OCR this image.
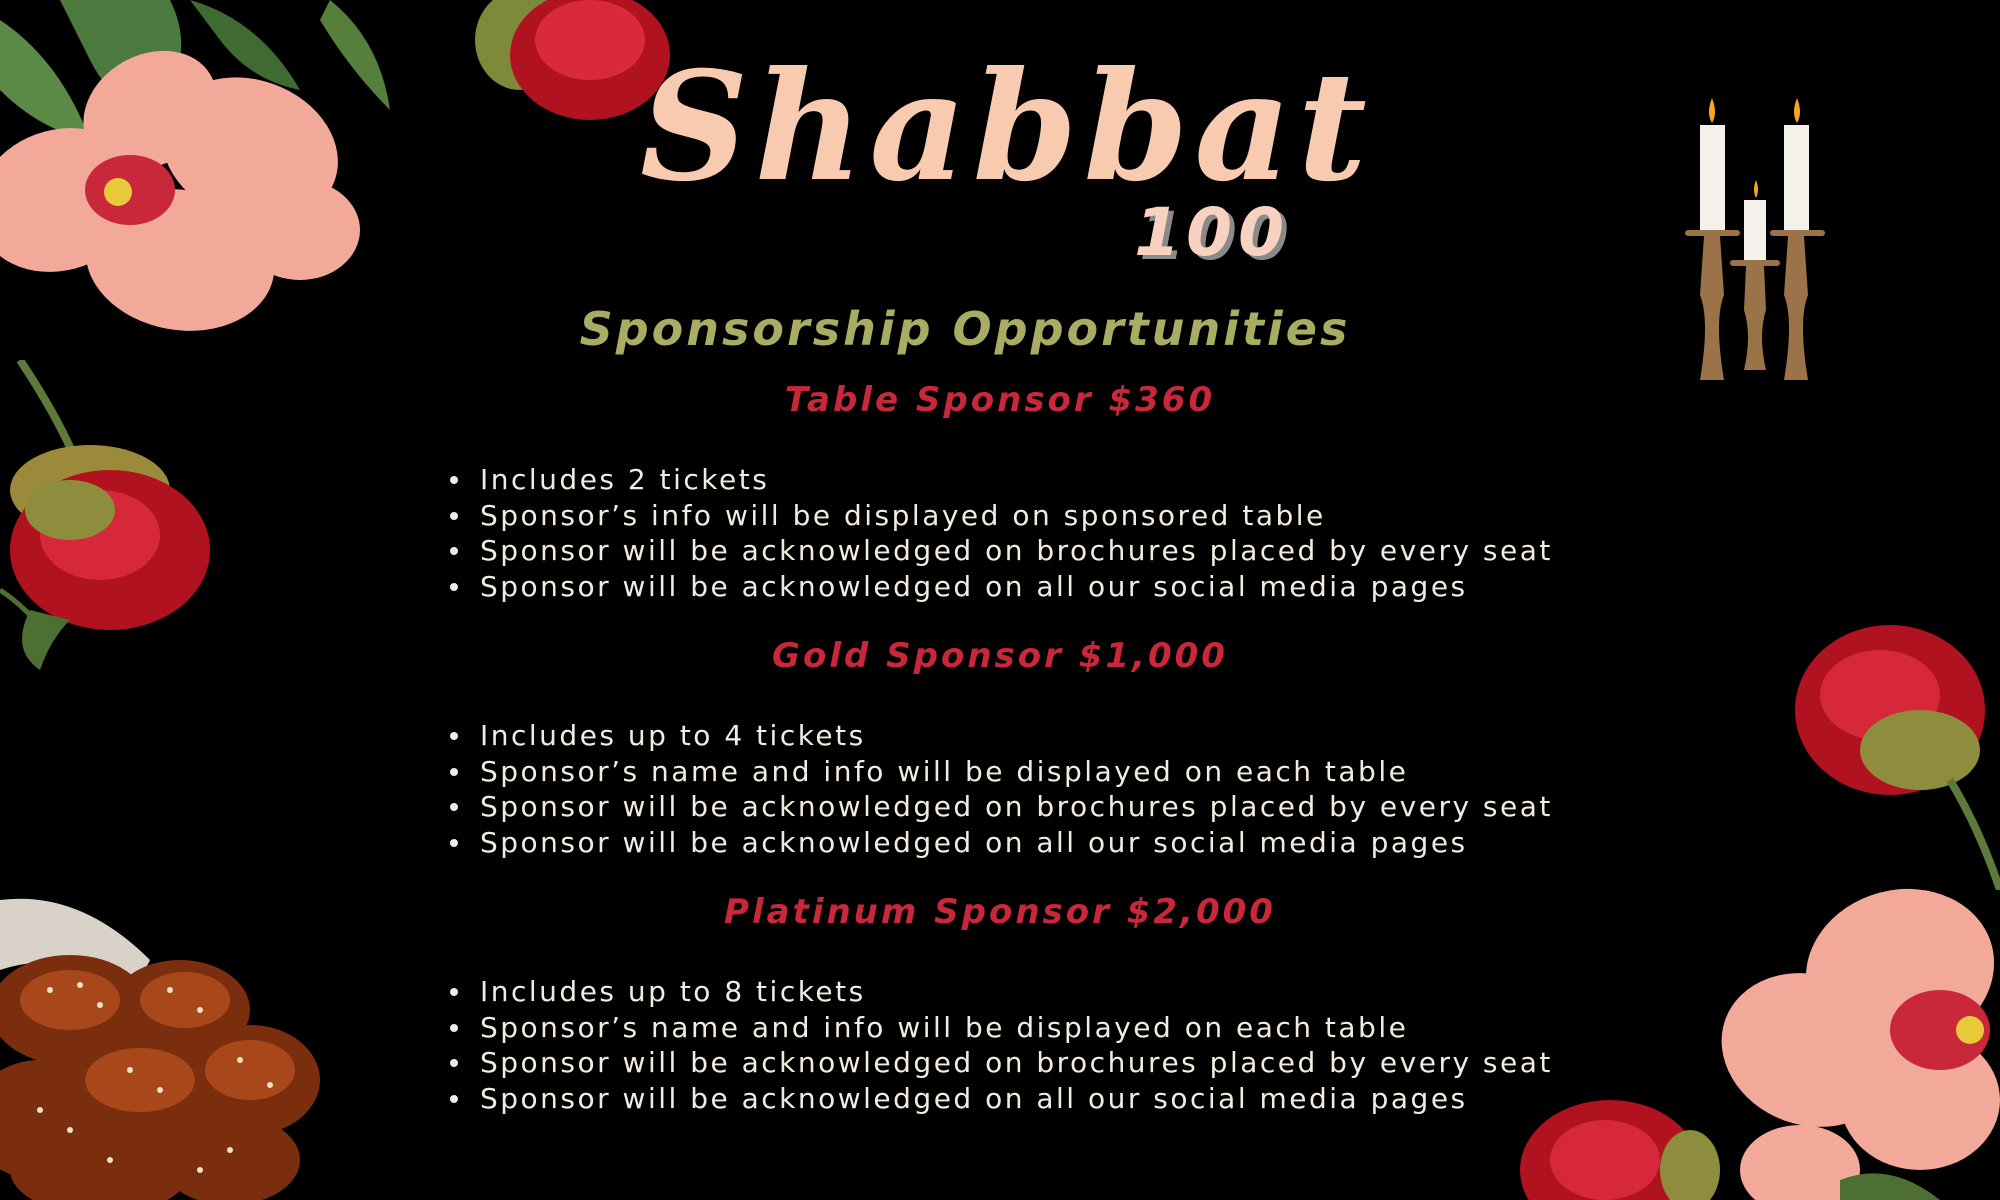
Shabbat
100
Sponsorship Opportunities
Table Sponsor $360
Includes 2 tickets
Sponsor’s info will be displayed on sponsored table
Sponsor will be acknowledged on brochures placed by every seat
Sponsor will be acknowledged on all our social media pages
Gold Sponsor $1,000
Includes up to 4 tickets
Sponsor’s name and info will be displayed on each table
Sponsor will be acknowledged on brochures placed by every seat
Sponsor will be acknowledged on all our social media pages
Platinum Sponsor $2,000
Includes up to 8 tickets
Sponsor’s name and info will be displayed on each table
Sponsor will be acknowledged on brochures placed by every seat
Sponsor will be acknowledged on all our social media pages
